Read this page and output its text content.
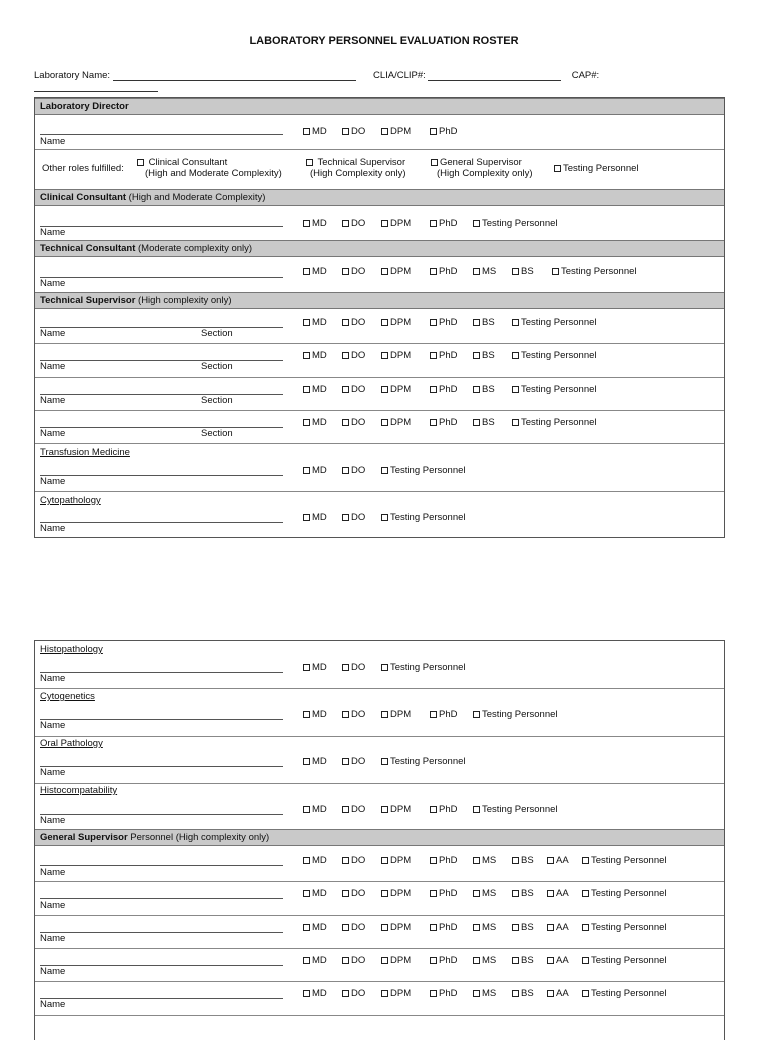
LABORATORY PERSONNEL EVALUATION ROSTER
Laboratory Name:	CLIA/CLIP#:	CAP#:
Laboratory Director
Name
MD	DO	DPM	PhD
Other roles fulfilled:
Clinical Consultant
(High and Moderate Complexity)
Technical Supervisor
(High Complexity only)
General Supervisor
(High Complexity only)	Testing Personnel
Clinical Consultant (High and Moderate Complexity)
Name
MD	DO	DPM	PhD	Testing Personnel
Technical Consultant (Moderate complexity only)
Name
MD	DO	DPM	PhD	MS	BS	Testing Personnel
Technical Supervisor (High complexity only)
Name	Section
MD	DO	DPM	PhD	BS	Testing Personnel
Name	Section
MD	DO	DPM	PhD	BS	Testing Personnel
Name	Section
MD	DO	DPM	PhD	BS	Testing Personnel
Name	Section
MD	DO	DPM	PhD	BS	Testing Personnel
Transfusion Medicine
Name
MD	DO	Testing Personnel
Cytopathology
Name
MD	DO	Testing Personnel
Histopathology
Name
MD	DO	Testing Personnel
Cytogenetics
Name
MD	DO	DPM	PhD	Testing Personnel
Oral Pathology
Name
MD	DO	Testing Personnel
Histocompatability
Name
MD	DO	DPM	PhD	Testing Personnel
General Supervisor Personnel (High complexity only)
Name
MD	DO	DPM	PhD	MS	BS	AA	Testing Personnel
Name
MD	DO	DPM	PhD	MS	BS	AA	Testing Personnel
Name
MD	DO	DPM	PhD	MS	BS	AA	Testing Personnel
Name
MD	DO	DPM	PhD	MS	BS	AA	Testing Personnel
Name
MD	DO	DPM	PhD	MS	BS	AA	Testing Personnel
